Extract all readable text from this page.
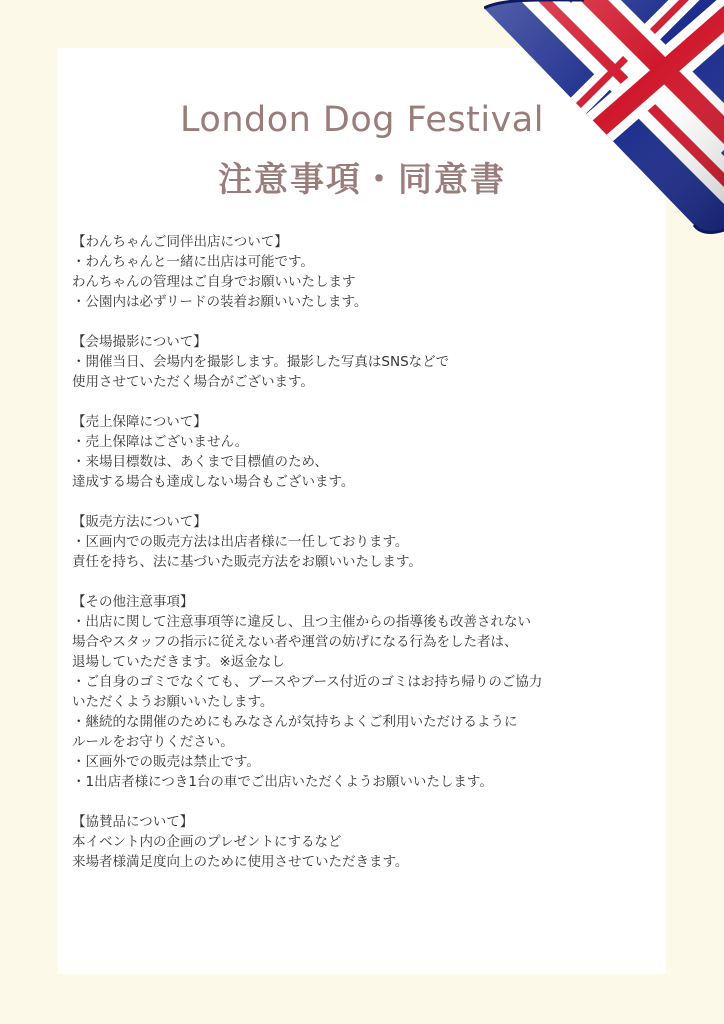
London Dog Festival
注意事項・同意書
【わんちゃんご同伴出店について】
・わんちゃんと一緒に出店は可能です。
わんちゃんの管理はご自身でお願いいたします
・公園内は必ずリードの装着お願いいたします。
【会場撮影について】
・開催当日、会場内を撮影します。撮影した写真はSNSなどで
使用させていただく場合がございます。
【売上保障について】
・売上保障はございません。
・来場目標数は、あくまで目標値のため、
達成する場合も達成しない場合もございます。
【販売方法について】
・区画内での販売方法は出店者様に一任しております。
責任を持ち、法に基づいた販売方法をお願いいたします。
【その他注意事項】
・出店に関して注意事項等に違反し、且つ主催からの指導後も改善されない
場合やスタッフの指示に従えない者や運営の妨げになる行為をした者は、
退場していただきます。※返金なし
・ご自身のゴミでなくても、ブースやブース付近のゴミはお持ち帰りのご協力
いただくようお願いいたします。
・継続的な開催のためにもみなさんが気持ちよくご利用いただけるように
ルールをお守りください。
・区画外での販売は禁止です。
・1出店者様につき1台の車でご出店いただくようお願いいたします。
【協賛品について】
本イベント内の企画のプレゼントにするなど
来場者様満足度向上のために使用させていただきます。
